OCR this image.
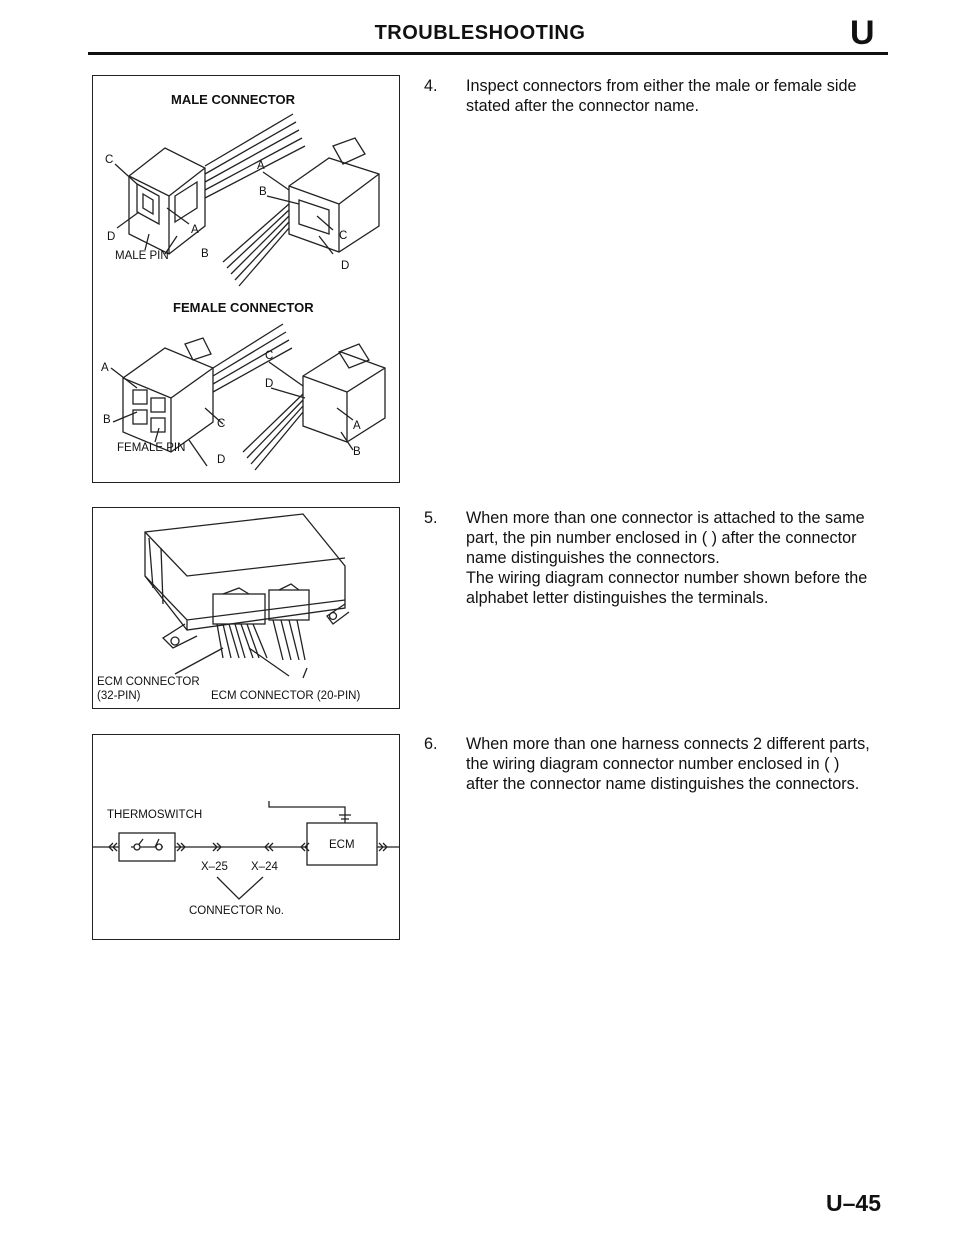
TROUBLESHOOTING	U
MALE CONNECTOR
C
D
A
B
MALE PIN
A
B
C
D
FEMALE CONNECTOR
A
B	C
D
FEMALE PIN
C
D
A
B
ECM CONNECTOR
(32-PIN)	ECM CONNECTOR (20-PIN)
THERMOSWITCH
ECM
X–25 X–24
CONNECTOR No.
4. Inspect connectors from either the male or female side
stated after the connector name.
5. When more than one connector is attached to the same
part, the pin number enclosed in ( ) after the connector
name distinguishes the connectors.
The wiring diagram connector number shown before the
alphabet letter distinguishes the terminals.
6. When more than one harness connects 2 different parts,
the wiring diagram connector number enclosed in ( )
after the connector name distinguishes the connectors.
U–45
